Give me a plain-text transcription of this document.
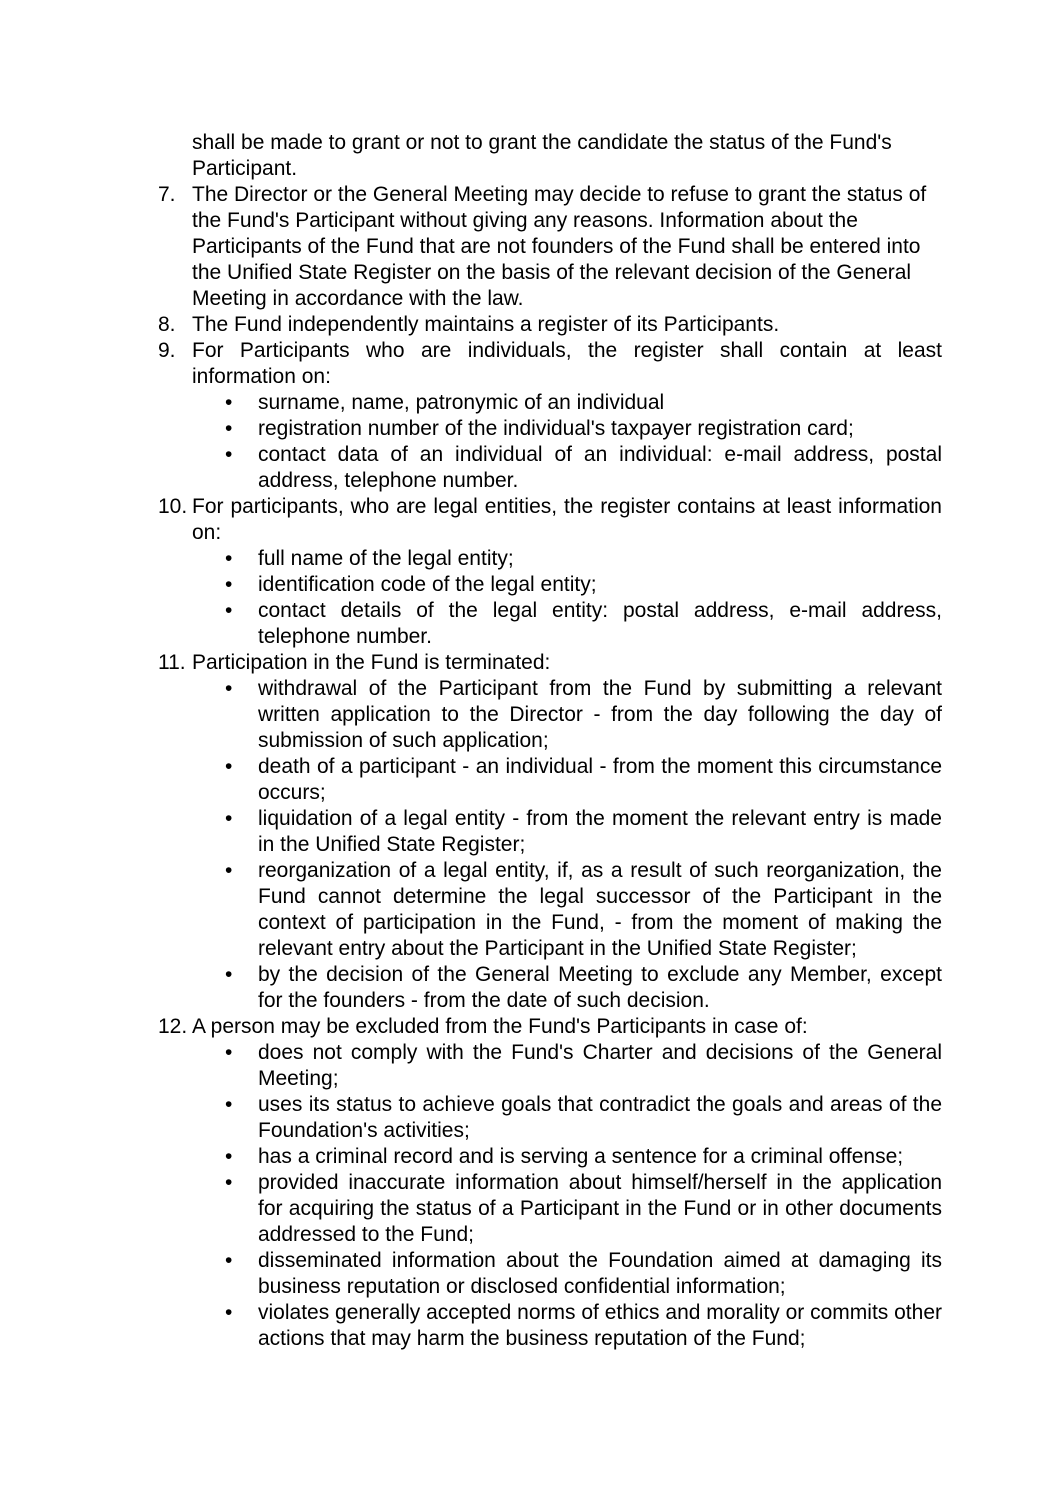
shall be made to grant or not to grant the candidate the status of the Fund's Participant.

7. The Director or the General Meeting may decide to refuse to grant the status of the Fund's Participant without giving any reasons. Information about the Participants of the Fund that are not founders of the Fund shall be entered into the Unified State Register on the basis of the relevant decision of the General Meeting in accordance with the law.

8. The Fund independently maintains a register of its Participants.

9. For Participants who are individuals, the register shall contain at least information on:

• surname, name, patronymic of an individual

• registration number of the individual's taxpayer registration card;

• contact data of an individual of an individual: e-mail address, postal address, telephone number.

10. For participants, who are legal entities, the register contains at least information on:

• full name of the legal entity;

• identification code of the legal entity;

• contact details of the legal entity: postal address, e-mail address, telephone number.

11. Participation in the Fund is terminated:

• withdrawal of the Participant from the Fund by submitting a relevant written application to the Director - from the day following the day of submission of such application;

• death of a participant - an individual - from the moment this circumstance occurs;

• liquidation of a legal entity - from the moment the relevant entry is made in the Unified State Register;

• reorganization of a legal entity, if, as a result of such reorganization, the Fund cannot determine the legal successor of the Participant in the context of participation in the Fund, - from the moment of making the relevant entry about the Participant in the Unified State Register;

• by the decision of the General Meeting to exclude any Member, except for the founders - from the date of such decision.

12. A person may be excluded from the Fund's Participants in case of:

• does not comply with the Fund's Charter and decisions of the General Meeting;

• uses its status to achieve goals that contradict the goals and areas of the Foundation's activities;

• has a criminal record and is serving a sentence for a criminal offense;

• provided inaccurate information about himself/herself in the application for acquiring the status of a Participant in the Fund or in other documents addressed to the Fund;

• disseminated information about the Foundation aimed at damaging its business reputation or disclosed confidential information;

• violates generally accepted norms of ethics and morality or commits other actions that may harm the business reputation of the Fund;
